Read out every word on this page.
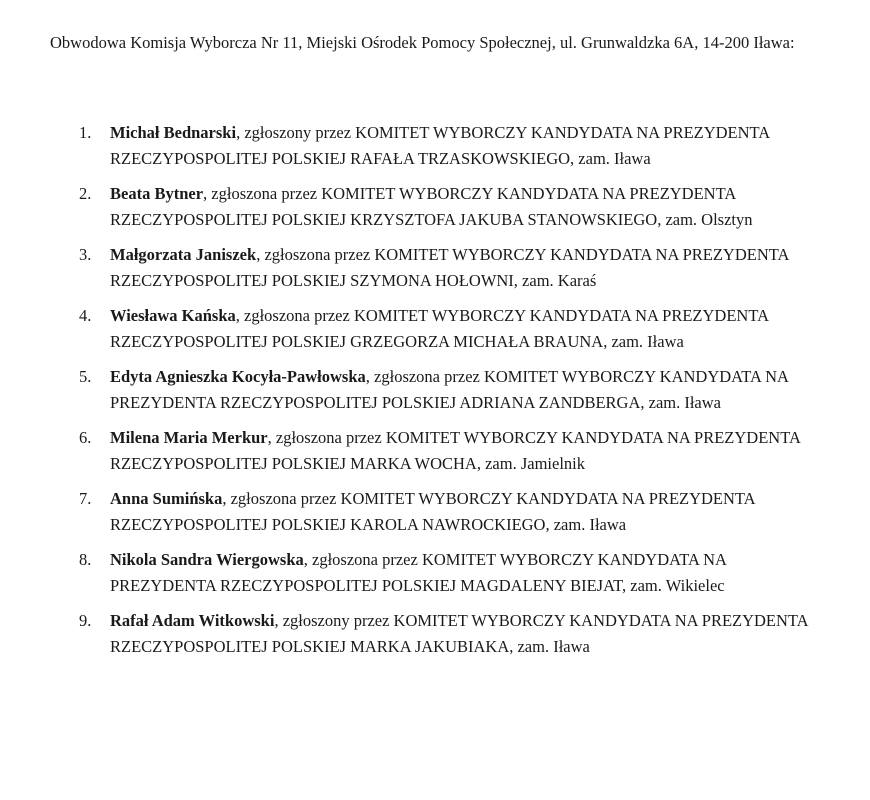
Obwodowa Komisja Wyborcza Nr 11, Miejski Ośrodek Pomocy Społecznej, ul. Grunwaldzka 6A, 14-200 Iława:
1.	Michał Bednarski, zgłoszony przez KOMITET WYBORCZY KANDYDATA NA PREZYDENTA RZECZYPOSPOLITEJ POLSKIEJ RAFAŁA TRZASKOWSKIEGO, zam. Iława
2.	Beata Bytner, zgłoszona przez KOMITET WYBORCZY KANDYDATA NA PREZYDENTA RZECZYPOSPOLITEJ POLSKIEJ KRZYSZTOFA JAKUBA STANOWSKIEGO, zam. Olsztyn
3.	Małgorzata Janiszek, zgłoszona przez KOMITET WYBORCZY KANDYDATA NA PREZYDENTA RZECZYPOSPOLITEJ POLSKIEJ SZYMONA HOŁOWNI, zam. Karaś
4.	Wiesława Kańska, zgłoszona przez KOMITET WYBORCZY KANDYDATA NA PREZYDENTA RZECZYPOSPOLITEJ POLSKIEJ GRZEGORZA MICHAŁA BRAUNA, zam. Iława
5.	Edyta Agnieszka Kocyła-Pawłowska, zgłoszona przez KOMITET WYBORCZY KANDYDATA NA PREZYDENTA RZECZYPOSPOLITEJ POLSKIEJ ADRIANA ZANDBERGA, zam. Iława
6.	Milena Maria Merkur, zgłoszona przez KOMITET WYBORCZY KANDYDATA NA PREZYDENTA RZECZYPOSPOLITEJ POLSKIEJ MARKA WOCHA, zam. Jamielnik
7.	Anna Sumińska, zgłoszona przez KOMITET WYBORCZY KANDYDATA NA PREZYDENTA RZECZYPOSPOLITEJ POLSKIEJ KAROLA NAWROCKIEGO, zam. Iława
8.	Nikola Sandra Wiergowska, zgłoszona przez KOMITET WYBORCZY KANDYDATA NA PREZYDENTA RZECZYPOSPOLITEJ POLSKIEJ MAGDALENY BIEJAT, zam. Wikielec
9.	Rafał Adam Witkowski, zgłoszony przez KOMITET WYBORCZY KANDYDATA NA PREZYDENTA RZECZYPOSPOLITEJ POLSKIEJ MARKA JAKUBIAKA, zam. Iława
